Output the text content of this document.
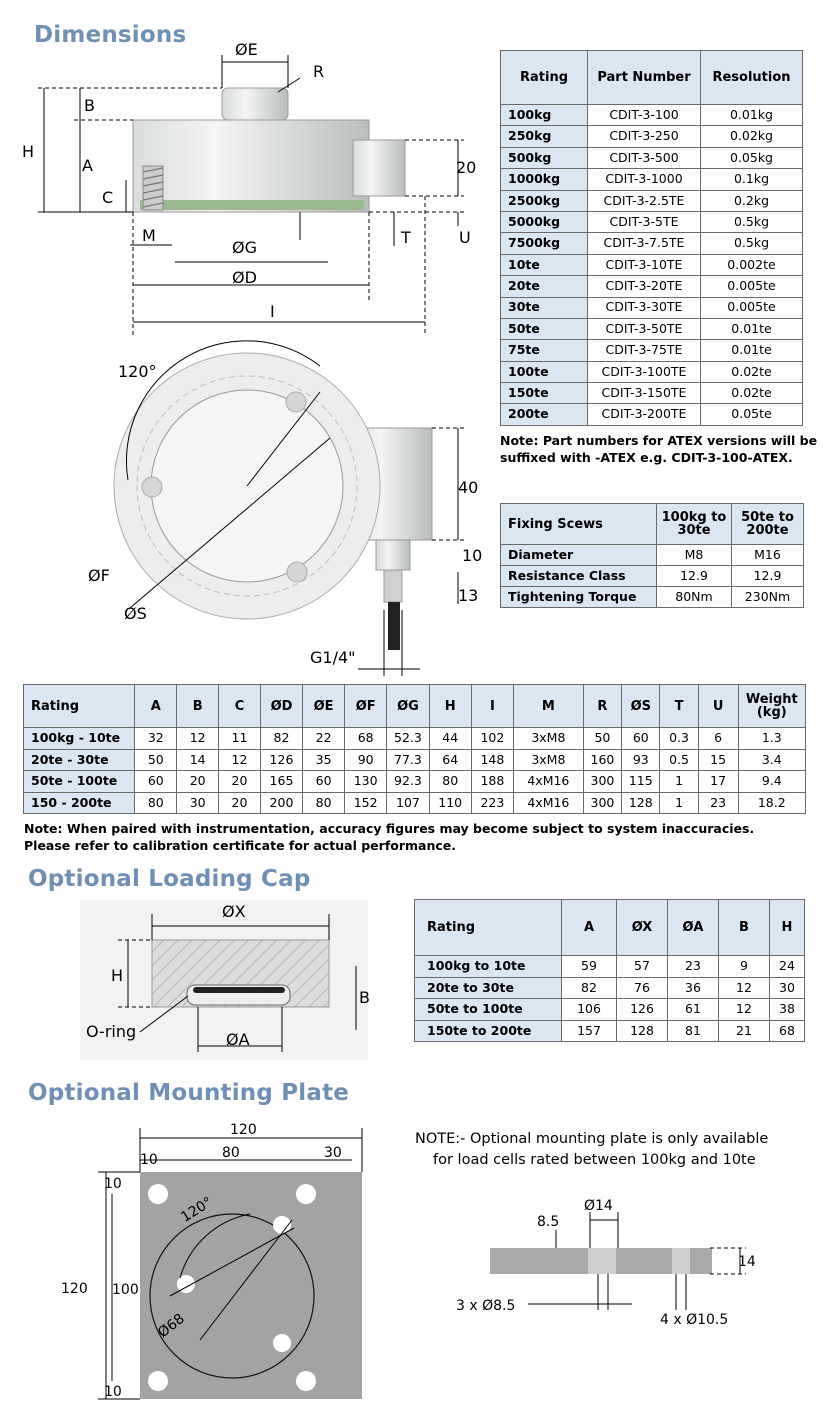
Dimensions
Optional Loading Cap
Optional Mounting Plate
ØE
R
B
H
A
C
20
M
ØG
T	U
ØD
I
120°
40
10
13
ØF
ØS
G1/4"
Rating	Part Number	Resolution
100kg	CDIT-3-100	0.01kg
250kg	CDIT-3-250	0.02kg
500kg	CDIT-3-500	0.05kg
1000kg	CDIT-3-1000	0.1kg
2500kg	CDIT-3-2.5TE	0.2kg
5000kg	CDIT-3-5TE	0.5kg
7500kg	CDIT-3-7.5TE	0.5kg
10te	CDIT-3-10TE	0.002te
20te	CDIT-3-20TE	0.005te
30te	CDIT-3-30TE	0.005te
50te	CDIT-3-50TE	0.01te
75te	CDIT-3-75TE	0.01te
100te	CDIT-3-100TE	0.02te
150te	CDIT-3-150TE	0.02te
200te	CDIT-3-200TE	0.05te
Note: Part numbers for ATEX versions will be suffixed with -ATEX e.g. CDIT-3-100-ATEX.
Fixing Scews	100kg to 30te	50te to 200te
Diameter	M8	M16
Resistance Class	12.9	12.9
Tightening Torque	80Nm	230Nm
Rating	A	B	C	ØD	ØE	ØF	ØG	H	I	M	R	ØS	T	U	Weight (kg)
100kg - 10te	32	12	11	82	22	68	52.3	44	102	3xM8	50	60	0.3	6	1.3
20te - 30te	50	14	12	126	35	90	77.3	64	148	3xM8	160	93	0.5	15	3.4
50te - 100te	60	20	20	165	60	130	92.3	80	188	4xM16	300	115	1	17	9.4
150 - 200te	80	30	20	200	80	152	107	110	223	4xM16	300	128	1	23	18.2
Note: When paired with instrumentation, accuracy figures may become subject to system inaccuracies.
Please refer to calibration certificate for actual performance.
ØX
H
B
O-ring	ØA
Rating	A	ØX	ØA	B	H
100kg to 10te	59	57	23	9	24
20te to 30te	82	76	36	12	30
50te to 100te	106	126	61	12	38
150te to 200te	157	128	81	21	68
120
10	80	30
10
120 100
10
120°
Ø68
Ø14
8.5
14
3 x Ø8.5
4 x Ø10.5
NOTE:- Optional mounting plate is only available
for load cells rated between 100kg and 10te
